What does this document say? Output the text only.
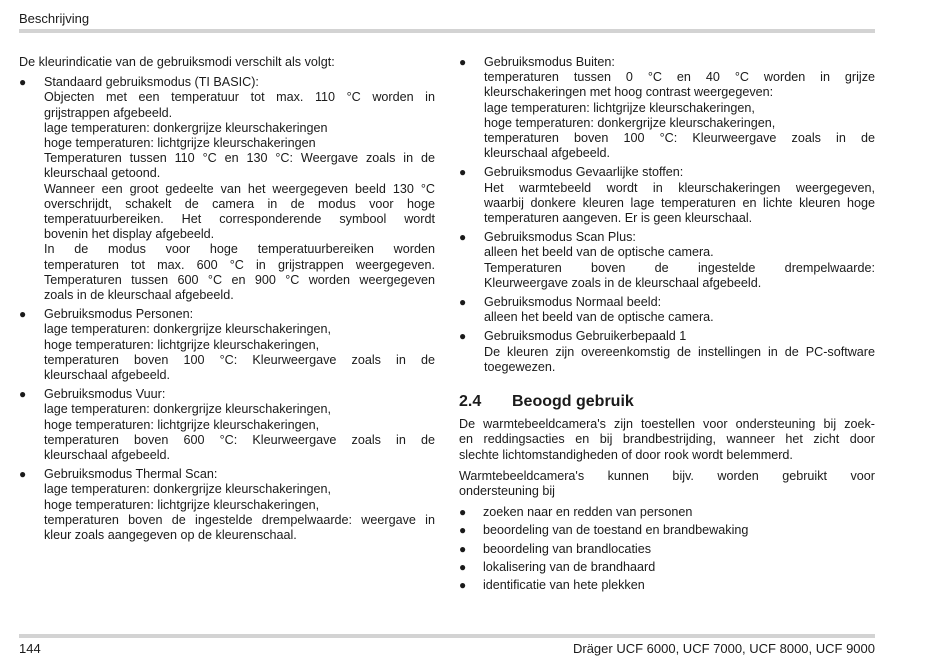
Beschrijving

De kleurindicatie van de gebruiksmodi verschilt als volgt:

● Standaard gebruiksmodus (TI BASIC):
Objecten met een temperatuur tot max. 110 °C worden in
grijstrappen afgebeeld.
lage temperaturen: donkergrijze kleurschakeringen
hoge temperaturen: lichtgrijze kleurschakeringen
Temperaturen tussen 110 °C en 130 °C: Weergave zoals in de
kleurschaal getoond.
Wanneer een groot gedeelte van het weergegeven beeld 130 °C
overschrijdt, schakelt de camera in de modus voor hoge
temperatuurbereiken. Het corresponderende symbool wordt
bovenin het display afgebeeld.
In de modus voor hoge temperatuurbereiken worden
temperaturen tot max. 600 °C in grijstrappen weergegeven.
Temperaturen tussen 600 °C en 900 °C worden weergegeven
zoals in de kleurschaal afgebeeld.
● Gebruiksmodus Personen:
lage temperaturen: donkergrijze kleurschakeringen,
hoge temperaturen: lichtgrijze kleurschakeringen,
temperaturen boven 100 °C: Kleurweergave zoals in de
kleurschaal afgebeeld.
● Gebruiksmodus Vuur:
lage temperaturen: donkergrijze kleurschakeringen,
hoge temperaturen: lichtgrijze kleurschakeringen,
temperaturen boven 600 °C: Kleurweergave zoals in de
kleurschaal afgebeeld.
● Gebruiksmodus Thermal Scan:
lage temperaturen: donkergrijze kleurschakeringen,
hoge temperaturen: lichtgrijze kleurschakeringen,
temperaturen boven de ingestelde drempelwaarde: weergave in
kleur zoals aangegeven op de kleurenschaal.
● Gebruiksmodus Buiten:
temperaturen tussen 0 °C en 40 °C worden in grijze
kleurschakeringen met hoog contrast weergegeven:
lage temperaturen: lichtgrijze kleurschakeringen,
hoge temperaturen: donkergrijze kleurschakeringen,
temperaturen boven 100 °C: Kleurweergave zoals in de
kleurschaal afgebeeld.
● Gebruiksmodus Gevaarlijke stoffen:
Het warmtebeeld wordt in kleurschakeringen weergegeven,
waarbij donkere kleuren lage temperaturen en lichte kleuren hoge
temperaturen aangeven. Er is geen kleurschaal.
● Gebruiksmodus Scan Plus:
alleen het beeld van de optische camera.
Temperaturen boven de ingestelde drempelwaarde:
Kleurweergave zoals in de kleurschaal afgebeeld.
● Gebruiksmodus Normaal beeld:
alleen het beeld van de optische camera.
● Gebruiksmodus Gebruikerbepaald 1
De kleuren zijn overeenkomstig de instellingen in de PC-software
toegewezen.
2.4	Beoogd gebruik
De warmtebeeldcamera's zijn toestellen voor ondersteuning bij zoek-
en reddingsacties en bij brandbestrijding, wanneer het zicht door
slechte lichtomstandigheden of door rook wordt belemmerd.
Warmtebeeldcamera's kunnen bijv. worden gebruikt voor
ondersteuning bij
● zoeken naar en redden van personen
● beoordeling van de toestand en brandbewaking
● beoordeling van brandlocaties
● lokalisering van de brandhaard
● identificatie van hete plekken
144	Dräger UCF 6000, UCF 7000, UCF 8000, UCF 9000
